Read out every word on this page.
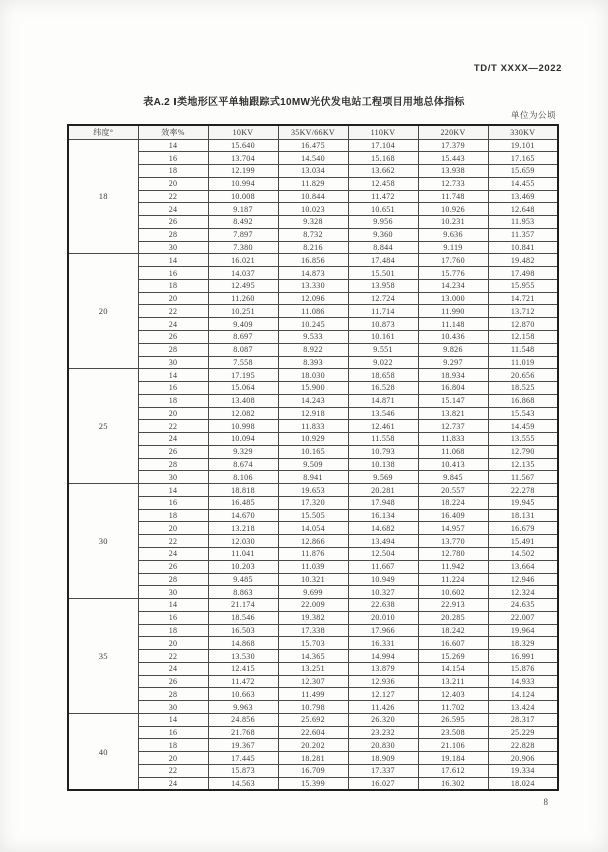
TD/T XXXX—2022
表A.2 Ⅰ类地形区平单轴跟踪式10MW光伏发电站工程项目用地总体指标
单位为公顷
纬度°	效率%	10KV	35KV/66KV	110KV	220KV	330KV
18	14	15.640	16.475	17.104	17.379	19.101
	16	13.704	14.540	15.168	15.443	17.165
	18	12.199	13.034	13.662	13.938	15.659
	20	10.994	11.829	12.458	12.733	14.455
	22	10.008	10.844	11.472	11.748	13.469
	24	9.187	10.023	10.651	10.926	12.648
	26	8.492	9.328	9.956	10.231	11.953
	28	7.897	8.732	9.360	9.636	11.357
	30	7.380	8.216	8.844	9.119	10.841
20	14	16.021	16.856	17.484	17.760	19.482
	16	14.037	14.873	15.501	15.776	17.498
	18	12.495	13.330	13.958	14.234	15.955
	20	11.260	12.096	12.724	13.000	14.721
	22	10.251	11.086	11.714	11.990	13.712
	24	9.409	10.245	10.873	11.148	12.870
	26	8.697	9.533	10.161	10.436	12.158
	28	8.087	8.922	9.551	9.826	11.548
	30	7.558	8.393	9.022	9.297	11.019
25	14	17.195	18.030	18.658	18.934	20.656
	16	15.064	15.900	16.528	16.804	18.525
	18	13.408	14.243	14.871	15.147	16.868
	20	12.082	12.918	13.546	13.821	15.543
	22	10.998	11.833	12.461	12.737	14.459
	24	10.094	10.929	11.558	11.833	13.555
	26	9.329	10.165	10.793	11.068	12.790
	28	8.674	9.509	10.138	10.413	12.135
	30	8.106	8.941	9.569	9.845	11.567
30	14	18.818	19.653	20.281	20.557	22.278
	16	16.485	17.320	17.948	18.224	19.945
	18	14.670	15.505	16.134	16.409	18.131
	20	13.218	14.054	14.682	14.957	16.679
	22	12.030	12.866	13.494	13.770	15.491
	24	11.041	11.876	12.504	12.780	14.502
	26	10.203	11.039	11.667	11.942	13.664
	28	9.485	10.321	10.949	11.224	12.946
	30	8.863	9.699	10.327	10.602	12.324
35	14	21.174	22.009	22.638	22.913	24.635
	16	18.546	19.382	20.010	20.285	22.007
	18	16.503	17.338	17.966	18.242	19.964
	20	14.868	15.703	16.331	16.607	18.329
	22	13.530	14.365	14.994	15.269	16.991
	24	12.415	13.251	13.879	14.154	15.876
	26	11.472	12.307	12.936	13.211	14.933
	28	10.663	11.499	12.127	12.403	14.124
	30	9.963	10.798	11.426	11.702	13.424
40	14	24.856	25.692	26.320	26.595	28.317
	16	21.768	22.604	23.232	23.508	25.229
	18	19.367	20.202	20.830	21.106	22.828
	20	17.445	18.281	18.909	19.184	20.906
	22	15.873	16.709	17.337	17.612	19.334
	24	14.563	15.399	16.027	16.302	18.024
8
